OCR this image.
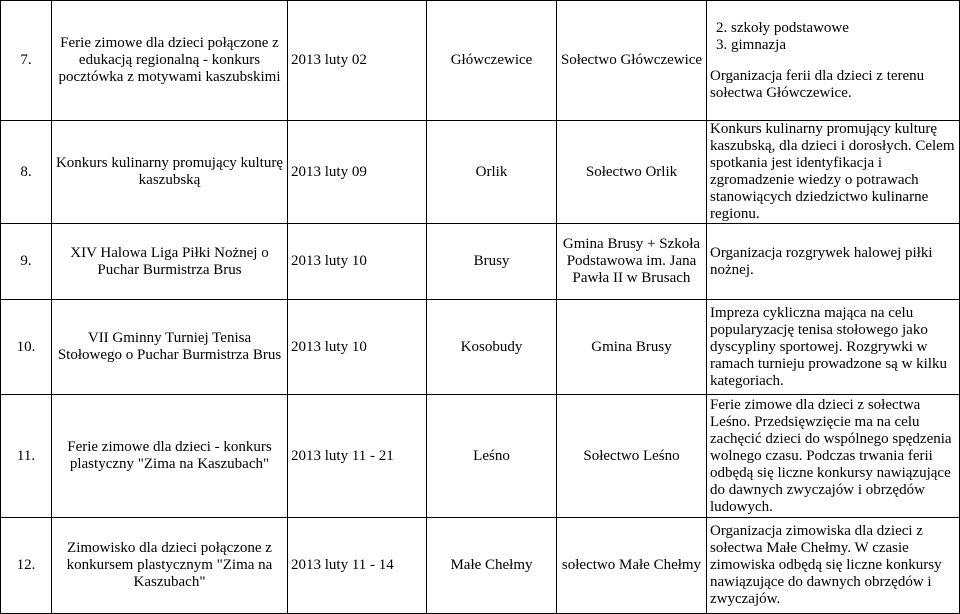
7.	Ferie zimowe dla dzieci połączone z edukacją regionalną - konkurs pocztówka z motywami kaszubskimi	2013 luty 02	Główczewice	Sołectwo Główczewice	2. szkoły podstawowe
3. gimnazja
Organizacja ferii dla dzieci z terenu sołectwa Główczewice.

8.	Konkurs kulinarny promujący kulturę kaszubską	2013 luty 09	Orlik	Sołectwo Orlik	Konkurs kulinarny promujący kulturę kaszubską, dla dzieci i dorosłych. Celem spotkania jest identyfikacja i zgromadzenie wiedzy o potrawach stanowiących dziedzictwo kulinarne regionu.
9.	XIV Halowa Liga Piłki Nożnej o Puchar Burmistrza Brus	2013 luty 10	Brusy	Gmina Brusy + Szkoła Podstawowa im. Jana Pawła II w Brusach	Organizacja rozgrywek halowej piłki nożnej.
10.	VII Gminny Turniej Tenisa Stołowego o Puchar Burmistrza Brus	2013 luty 10	Kosobudy	Gmina Brusy	Impreza cykliczna mająca na celu popularyzację tenisa stołowego jako dyscypliny sportowej. Rozgrywki w ramach turnieju prowadzone są w kilku kategoriach.
11.	Ferie zimowe dla dzieci - konkurs plastyczny "Zima na Kaszubach"	2013 luty 11 - 21	Leśno	Sołectwo Leśno	Ferie zimowe dla dzieci z sołectwa Leśno. Przedsięwzięcie ma na celu zachęcić dzieci do wspólnego spędzenia wolnego czasu. Podczas trwania ferii odbędą się liczne konkursy nawiązujące do dawnych zwyczajów i obrzędów ludowych.
12.	Zimowisko dla dzieci połączone z konkursem plastycznym "Zima na Kaszubach"	2013 luty 11 - 14	Małe Chełmy	sołectwo Małe Chełmy	Organizacja zimowiska dla dzieci z sołectwa Małe Chełmy. W czasie zimowiska odbędą się liczne konkursy nawiązujące do dawnych obrzędów i zwyczajów.
